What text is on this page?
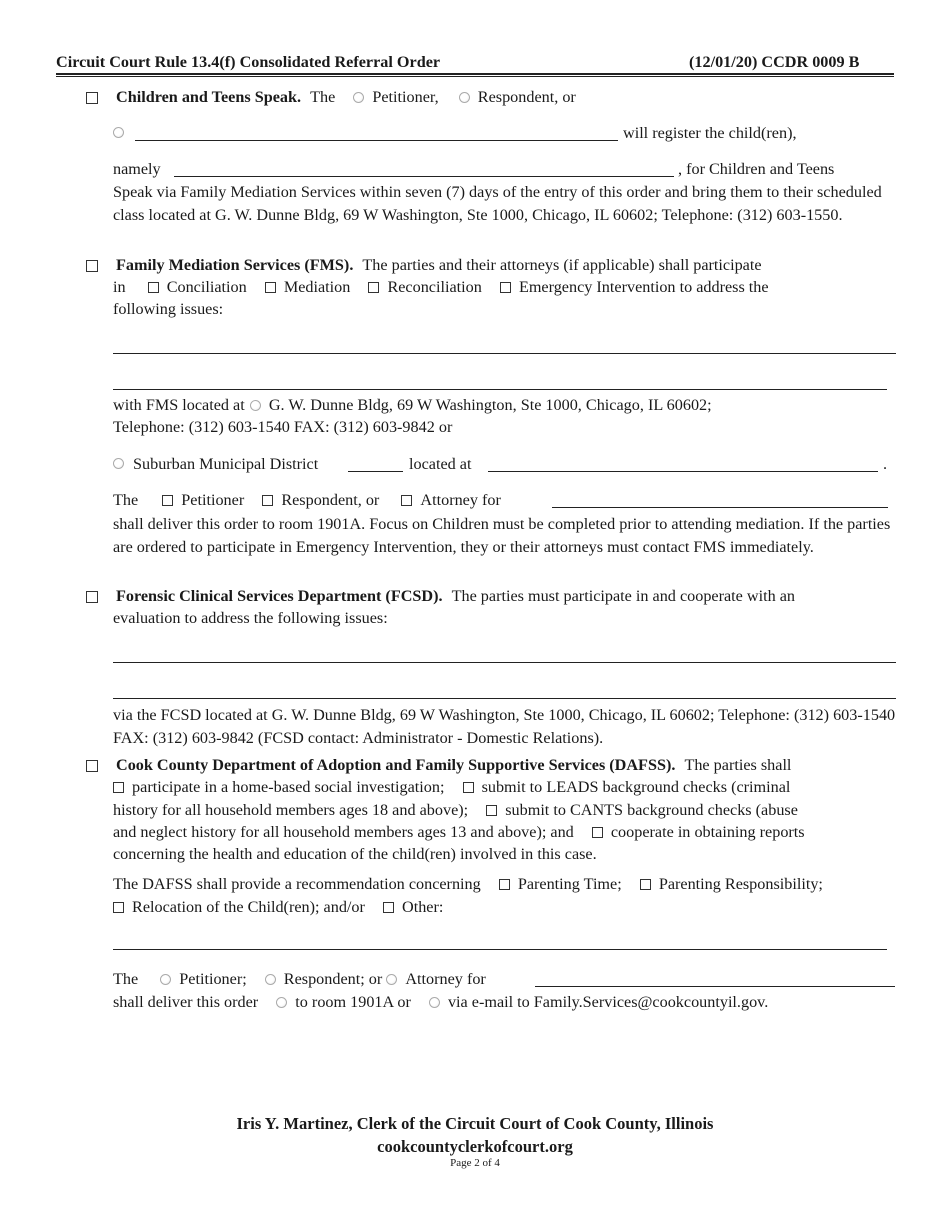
Circuit Court Rule 13.4(f) Consolidated Referral Order	(12/01/20) CCDR 0009 B
Children and Teens Speak. The Petitioner, Respondent, or
will register the child(ren),
namely	, for Children and Teens
Speak via Family Mediation Services within seven (7) days of the entry of this order and bring them to their scheduled class located at G. W. Dunne Bldg, 69 W Washington, Ste 1000, Chicago, IL 60602; Telephone: (312) 603-1550.
Family Mediation Services (FMS). The parties and their attorneys (if applicable) shall participate
in	Conciliation Mediation Reconciliation Emergency Intervention to address the
following issues:
with FMS located at G. W. Dunne Bldg, 69 W Washington, Ste 1000, Chicago, IL 60602;
Telephone: (312) 603-1540 FAX: (312) 603-9842 or
Suburban Municipal District	located at	.
The	Petitioner Respondent, or	Attorney for
shall deliver this order to room 1901A. Focus on Children must be completed prior to attending mediation. If the parties are ordered to participate in Emergency Intervention, they or their attorneys must contact FMS immediately.
Forensic Clinical Services Department (FCSD). The parties must participate in and cooperate with an
evaluation to address the following issues:
via the FCSD located at G. W. Dunne Bldg, 69 W Washington, Ste 1000, Chicago, IL 60602; Telephone: (312) 603-1540 FAX: (312) 603-9842 (FCSD contact: Administrator - Domestic Relations).
Cook County Department of Adoption and Family Supportive Services (DAFSS). The parties shall
participate in a home-based social investigation; submit to LEADS background checks (criminal
history for all household members ages 18 and above); submit to CANTS background checks (abuse
and neglect history for all household members ages 13 and above); and cooperate in obtaining reports
concerning the health and education of the child(ren) involved in this case.
The DAFSS shall provide a recommendation concerning Parenting Time; Parenting Responsibility;
Relocation of the Child(ren); and/or Other:
The	Petitioner; Respondent; or Attorney for
shall deliver this order to room 1901A or via e-mail to Family.Services@cookcountyil.gov.
Iris Y. Martinez, Clerk of the Circuit Court of Cook County, Illinois
cookcountyclerkofcourt.org
Page 2 of 4
